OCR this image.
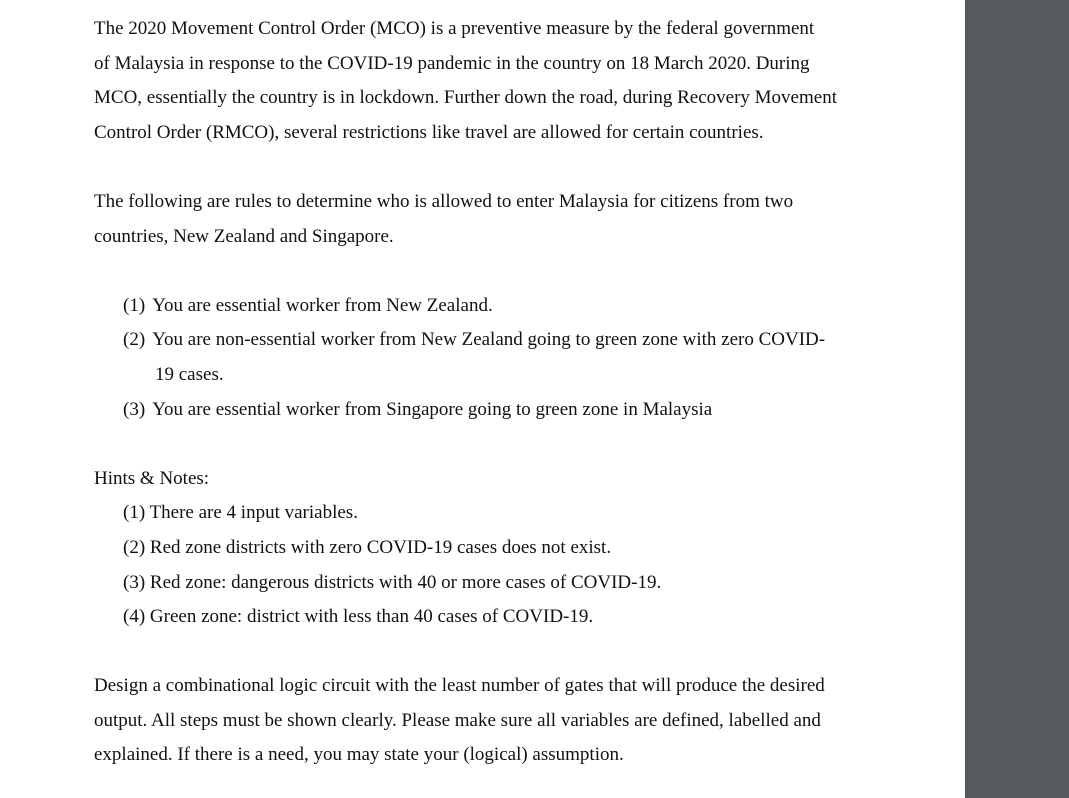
The 2020 Movement Control Order (MCO) is a preventive measure by the federal government
of Malaysia in response to the COVID-19 pandemic in the country on 18 March 2020. During
MCO, essentially the country is in lockdown. Further down the road, during Recovery Movement
Control Order (RMCO), several restrictions like travel are allowed for certain countries.

The following are rules to determine who is allowed to enter Malaysia for citizens from two
countries, New Zealand and Singapore.

(1) You are essential worker from New Zealand.
(2) You are non-essential worker from New Zealand going to green zone with zero COVID-
19 cases.
(3) You are essential worker from Singapore going to green zone in Malaysia

Hints & Notes:

(1) There are 4 input variables.
(2) Red zone districts with zero COVID-19 cases does not exist.
(3) Red zone: dangerous districts with 40 or more cases of COVID-19.
(4) Green zone: district with less than 40 cases of COVID-19.

Design a combinational logic circuit with the least number of gates that will produce the desired
output. All steps must be shown clearly. Please make sure all variables are defined, labelled and
explained. If there is a need, you may state your (logical) assumption.
